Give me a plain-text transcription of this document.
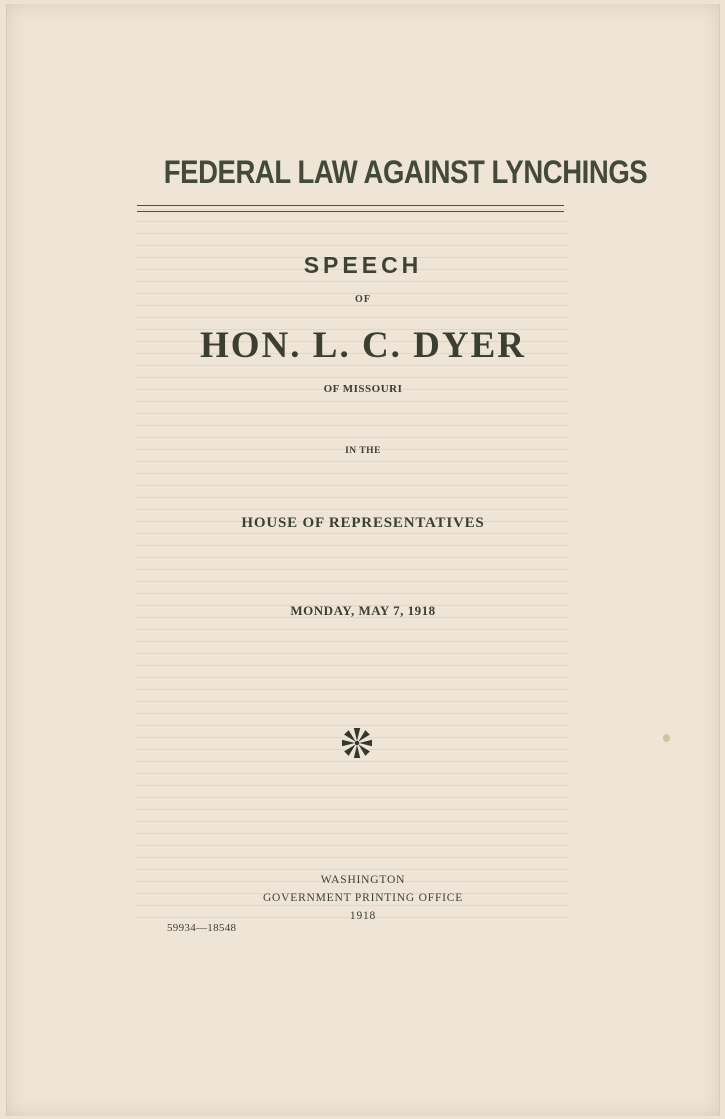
FEDERAL LAW AGAINST LYNCHINGS
SPEECH
OF
HON. L. C. DYER
OF MISSOURI
IN THE
HOUSE OF REPRESENTATIVES
MONDAY, MAY 7, 1918
WASHINGTON
GOVERNMENT PRINTING OFFICE
1918
59934—18548
